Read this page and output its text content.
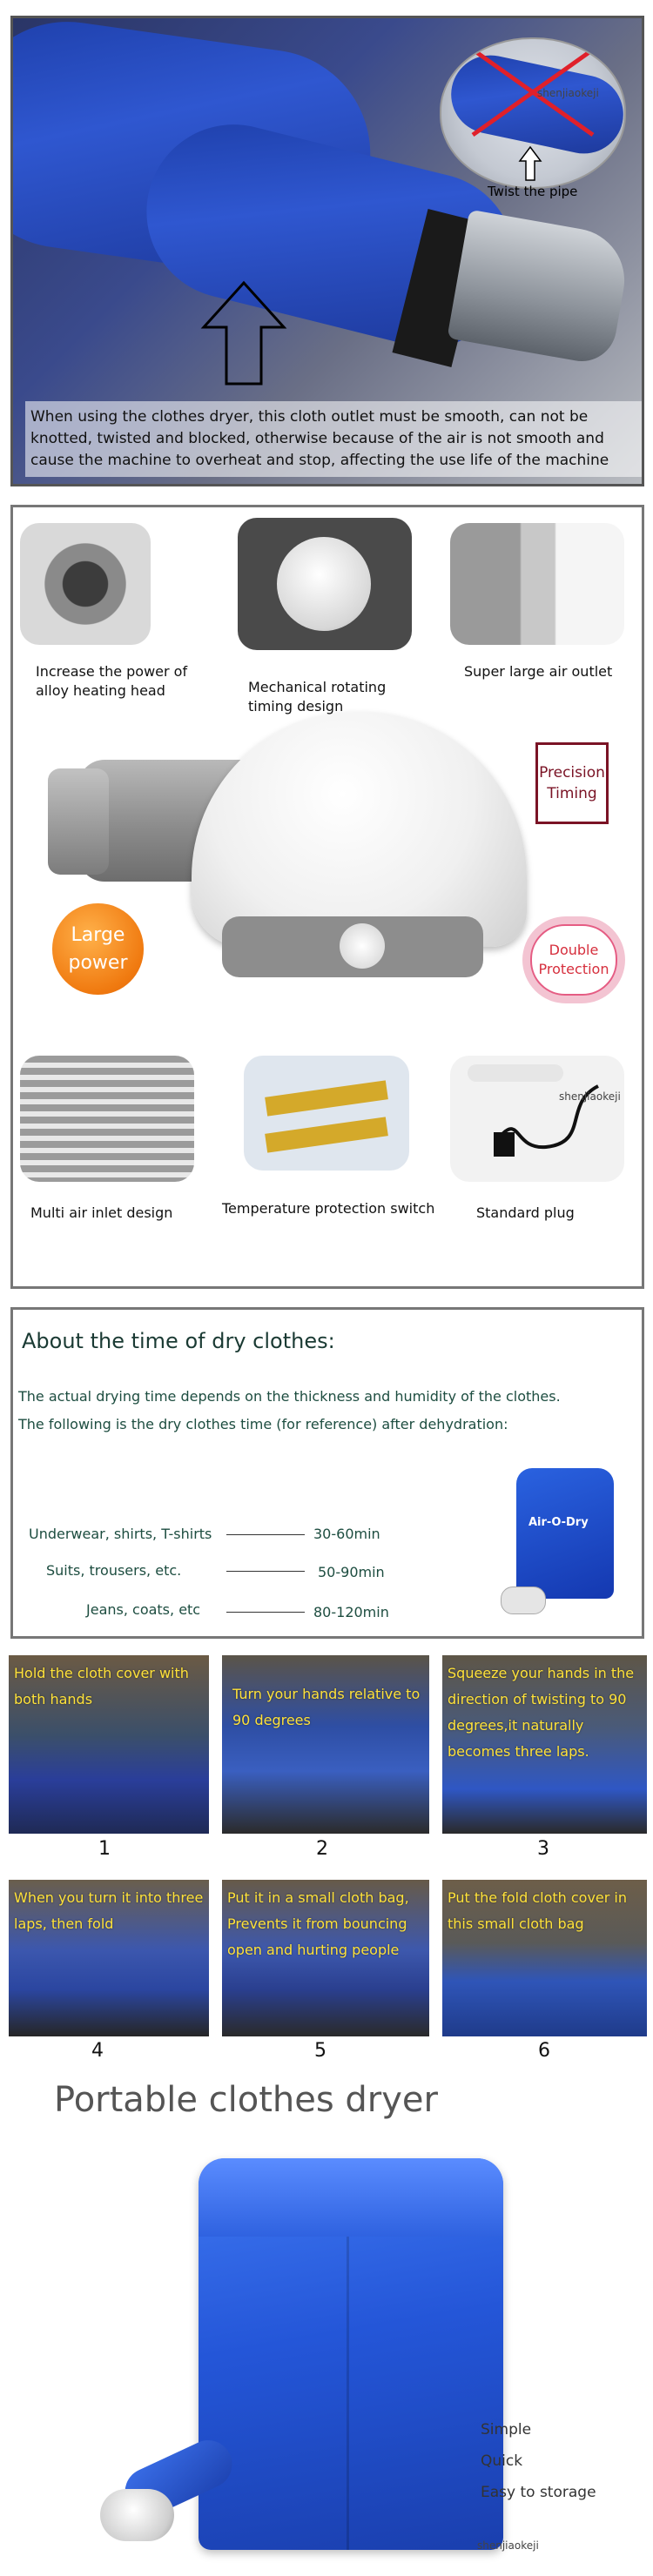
shenjiaokeji
Twist the pipe
When using the clothes dryer, this cloth outlet must be smooth, can not be knotted, twisted and blocked, otherwise because of the air is not smooth and cause the machine to overheat and stop, affecting the use life of the machine
Increase the power of alloy heating head	Mechanical rotating timing design
Super large air outlet
Precision Timing
Large power
Double Protection
Multi air inlet design	Temperature protection switch
shenjiaokeji
Standard plug
About the time of dry clothes:
The actual drying time depends on the thickness and humidity of the clothes.
The following is the dry clothes time (for reference) after dehydration:
Underwear, shirts, T-shirts	30-60min
Suits, trousers, etc.	50-90min
Jeans, coats, etc	80-120min
Air-O-Dry
Hold the cloth cover with both hands
1
Turn your hands relative to 90 degrees
2
Squeeze your hands in the direction of twisting to 90 degrees,it naturally becomes three laps.
3
When you turn it into three laps, then fold
4
Put it in a small cloth bag, Prevents it from bouncing open and hurting people
5
Put the fold cloth cover in this small cloth bag
6
Portable clothes dryer
Simple
Quick
Easy to storage
shenjiaokeji
